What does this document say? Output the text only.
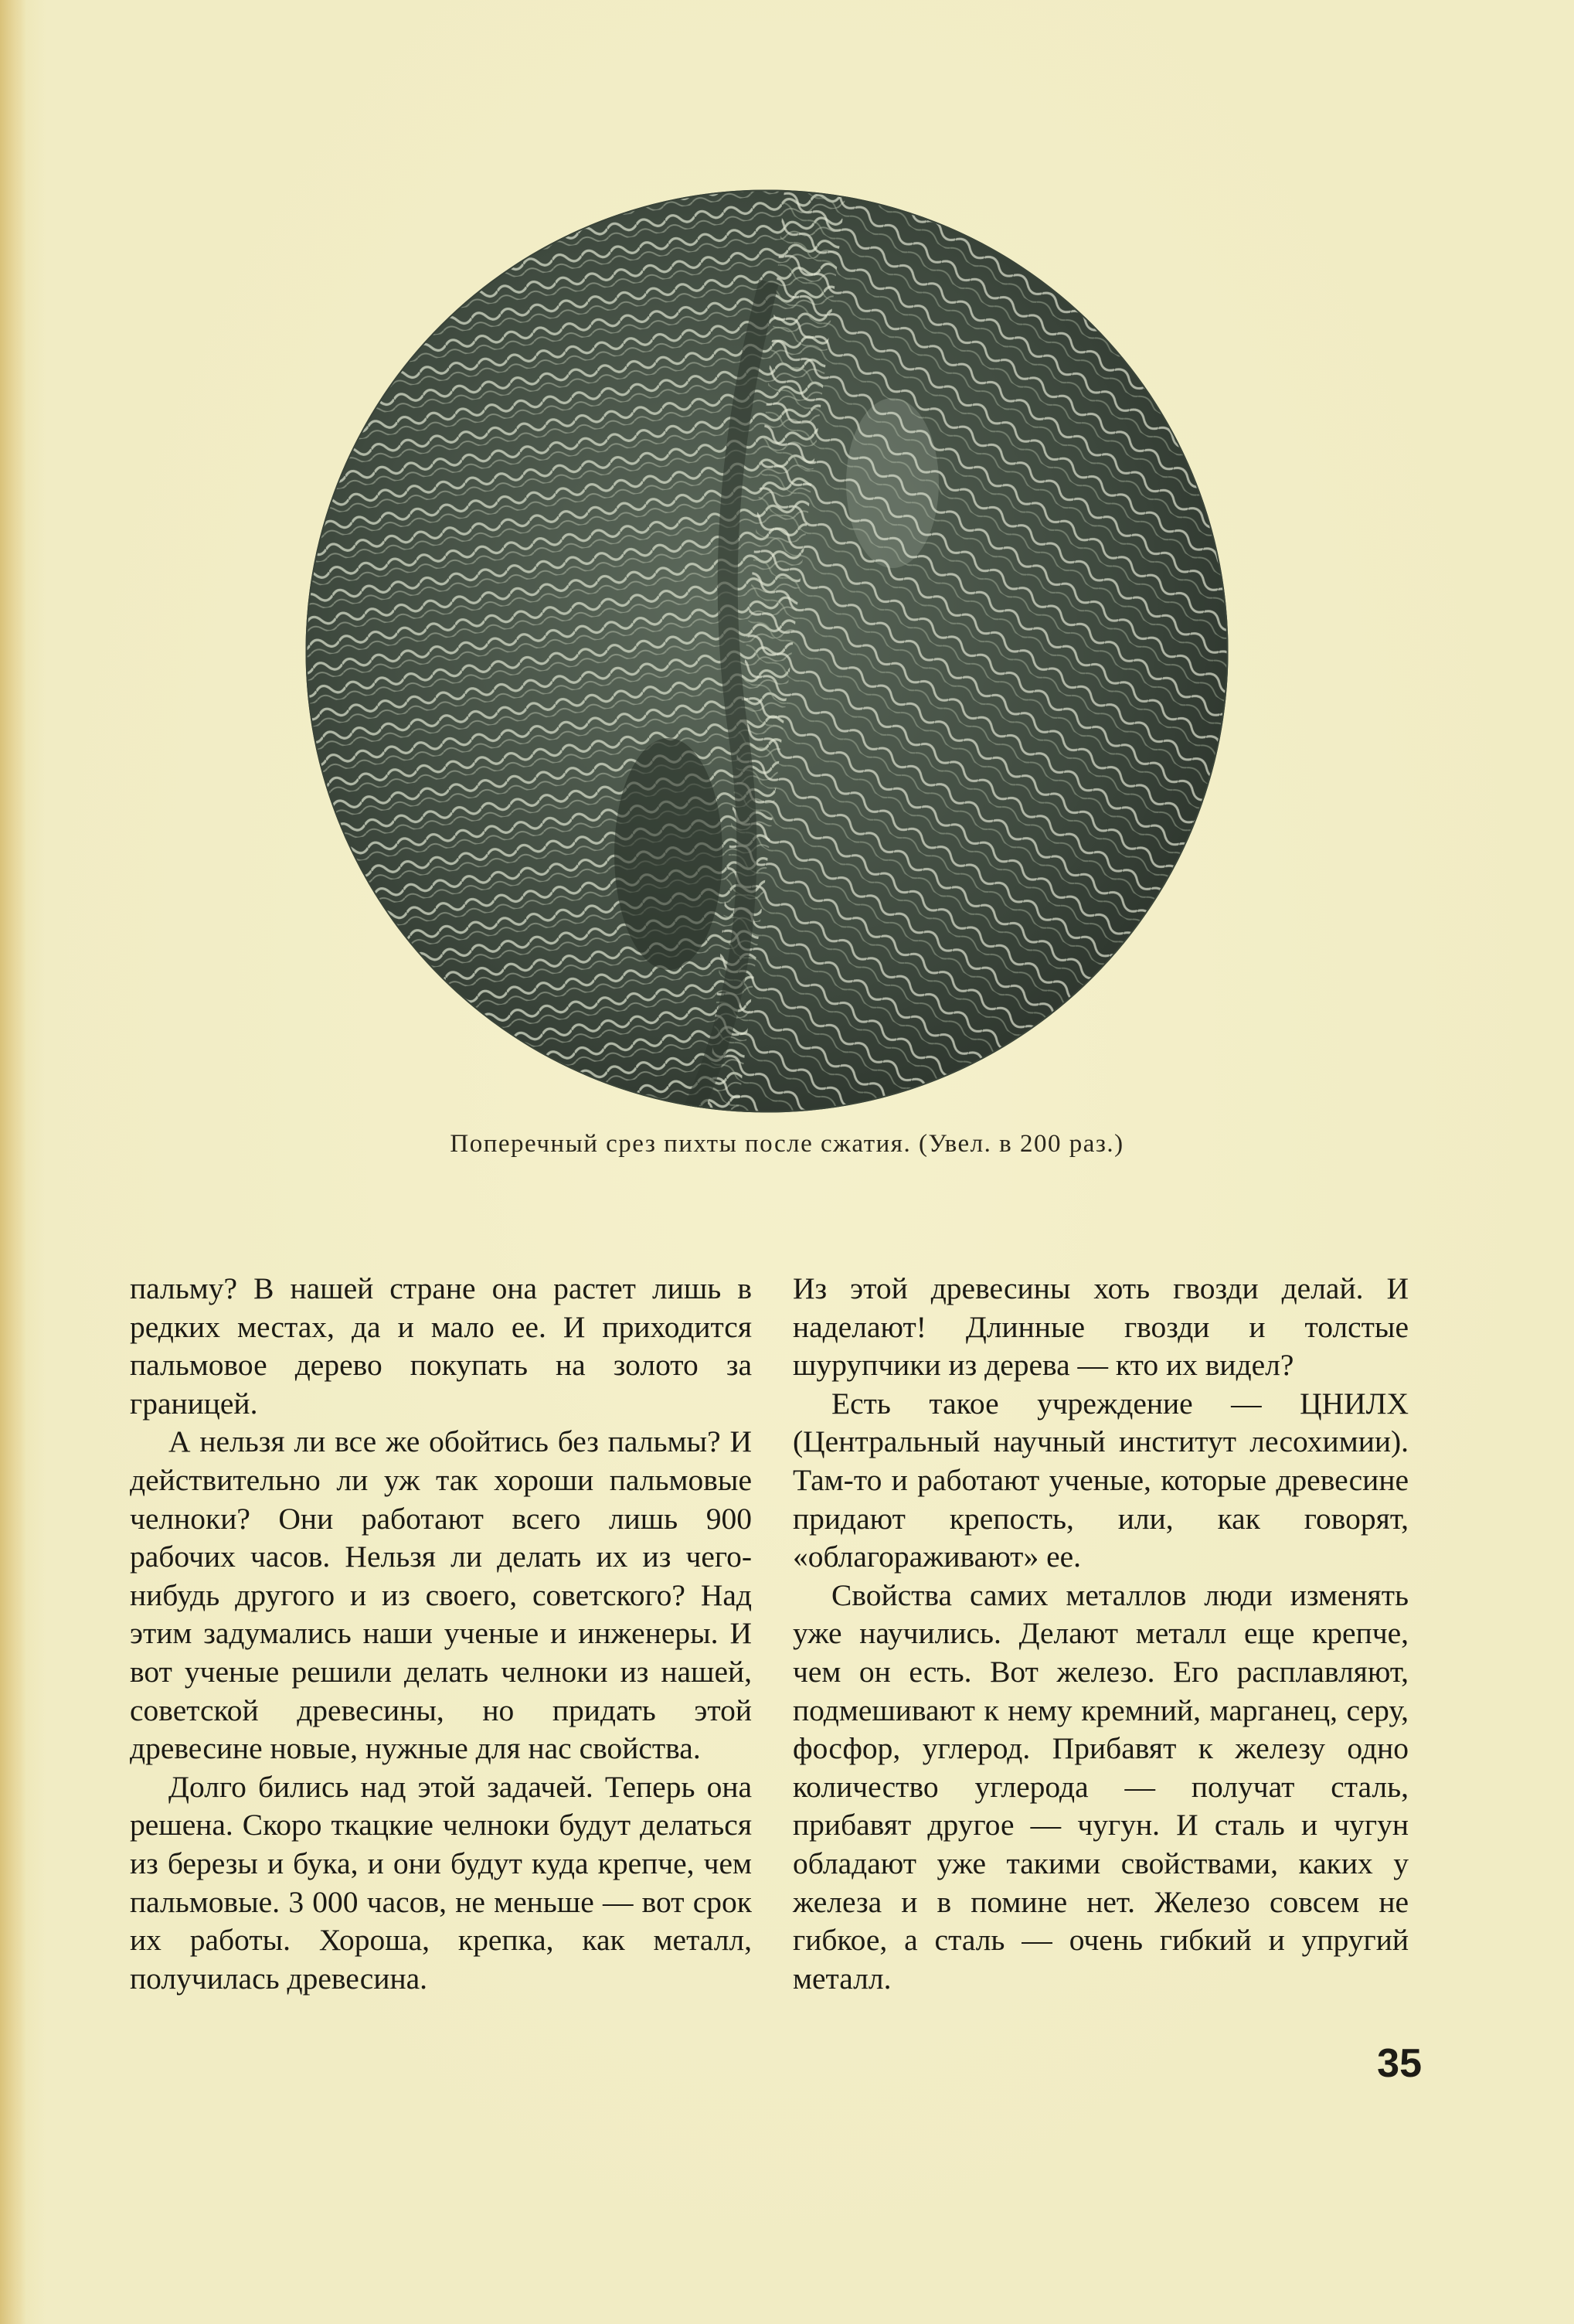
Поперечный срез пихты после сжатия. (Увел. в 200 раз.)

пальму? В нашей стране она растет лишь в редких местах, да и мало ее. И приходится пальмовое дерево покупать на золото за границей.

А нельзя ли все же обойтись без пальмы? И действительно ли уж так хороши пальмовые челноки? Они работают всего лишь 900 рабочих часов. Нельзя ли делать их из чего-нибудь другого и из своего, советского? Над этим задумались наши ученые и инженеры. И вот ученые решили делать челноки из нашей, советской древесины, но придать этой древесине новые, нужные для нас свойства.

Долго бились над этой задачей. Теперь она решена. Скоро ткацкие челноки будут делаться из березы и бука, и они будут куда крепче, чем пальмовые. 3 000 часов, не меньше — вот срок их работы. Хороша, крепка, как металл, получилась древесина.

Из этой древесины хоть гвозди делай. И наделают! Длинные гвозди и толстые шурупчики из дерева — кто их видел?

Есть такое учреждение — ЦНИЛХ (Центральный научный институт лесохимии). Там-то и работают ученые, которые древесине придают крепость, или, как говорят, «облагораживают» ее.

Свойства самих металлов люди изменять уже научились. Делают металл еще крепче, чем он есть. Вот железо. Его расплавляют, подмешивают к нему кремний, марганец, серу, фосфор, углерод. Прибавят к железу одно количество углерода — получат сталь, прибавят другое — чугун. И сталь и чугун обладают уже такими свойствами, каких у железа и в помине нет. Железо совсем не гибкое, а сталь — очень гибкий и упругий металл.

35
